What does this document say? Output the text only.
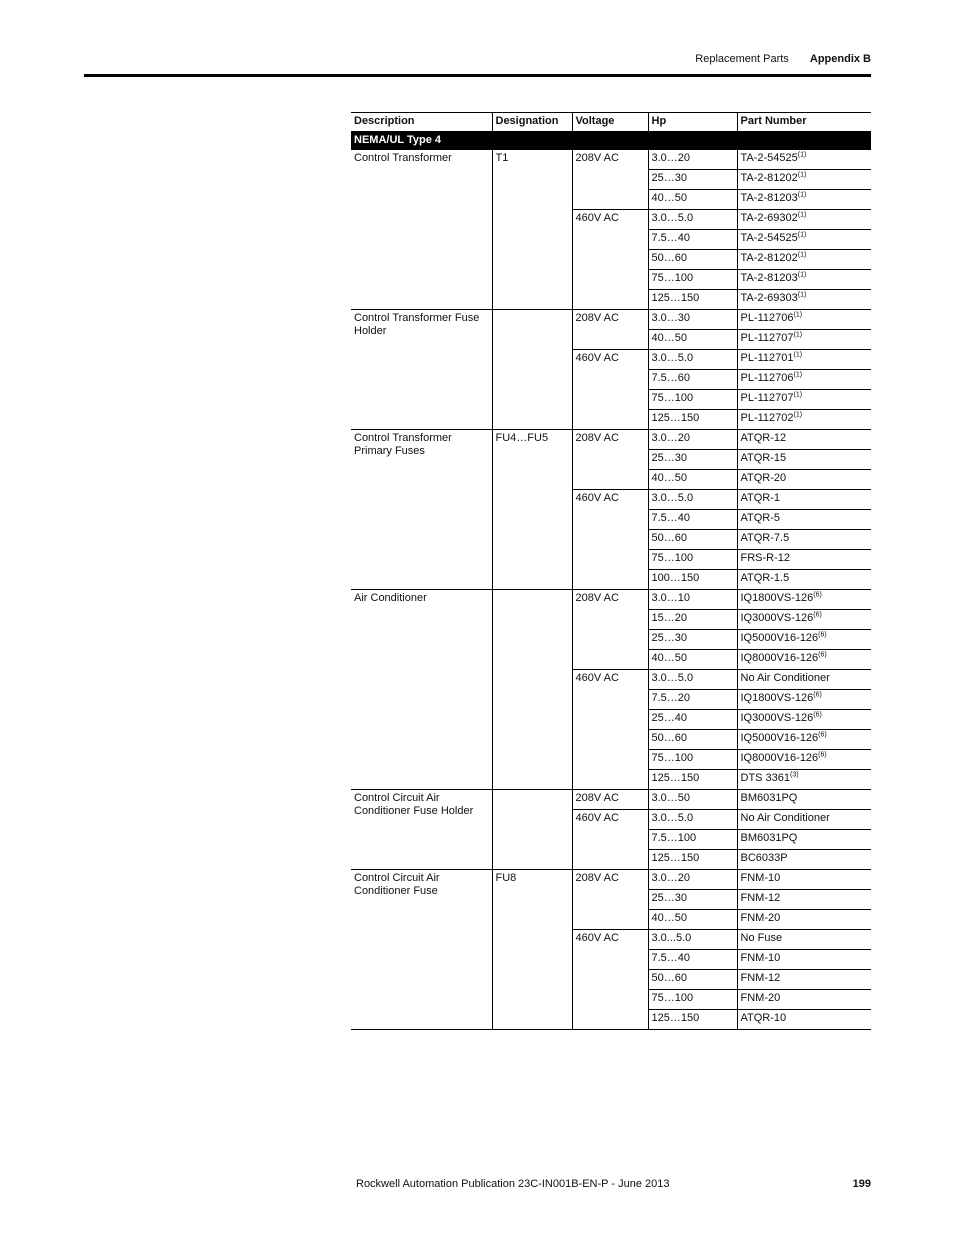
Replacement Parts Appendix B
Description	Designation	Voltage	Hp	Part Number
NEMA/UL Type 4				
Control Transformer	T1	208V AC	3.0…20	TA-2-54525$^{(1)}$
			25…30	TA-2-81202$^{(1)}$
			40…50	TA-2-81203$^{(1)}$
		460V AC	3.0…5.0	TA-2-69302$^{(1)}$
			7.5…40	TA-2-54525$^{(1)}$
			50…60	TA-2-81202$^{(1)}$
			75…100	TA-2-81203$^{(1)}$
			125…150	TA-2-69303$^{(1)}$
Control Transformer Fuse Holder		208V AC	3.0…30	PL-112706$^{(1)}$
			40…50	PL-112707$^{(1)}$
		460V AC	3.0…5.0	PL-112701$^{(1)}$
			7.5…60	PL-112706$^{(1)}$
			75…100	PL-112707$^{(1)}$
			125…150	PL-112702$^{(1)}$
Control Transformer Primary Fuses	FU4…FU5	208V AC	3.0…20	ATQR-12
			25…30	ATQR-15
			40…50	ATQR-20
		460V AC	3.0…5.0	ATQR-1
			7.5…40	ATQR-5
			50…60	ATQR-7.5
			75…100	FRS-R-12
			100…150	ATQR-1.5
Air Conditioner		208V AC	3.0…10	IQ1800VS-126$^{(6)}$
			15…20	IQ3000VS-126$^{(6)}$
			25…30	IQ5000V16-126$^{(6)}$
			40…50	IQ8000V16-126$^{(6)}$
		460V AC	3.0…5.0	No Air Conditioner
			7.5…20	IQ1800VS-126$^{(6)}$
			25…40	IQ3000VS-126$^{(6)}$
			50…60	IQ5000V16-126$^{(6)}$
			75…100	IQ8000V16-126$^{(6)}$
			125…150	DTS 3361$^{(3)}$
Control Circuit Air Conditioner Fuse Holder		208V AC	3.0…50	BM6031PQ
		460V AC	3.0…5.0	No Air Conditioner
			7.5…100	BM6031PQ
			125…150	BC6033P
Control Circuit Air Conditioner Fuse	FU8	208V AC	3.0…20	FNM-10
			25…30	FNM-12
			40…50	FNM-20
		460V AC	3.0...5.0	No Fuse
			7.5…40	FNM-10
			50…60	FNM-12
			75…100	FNM-20
			125…150	ATQR-10
Rockwell Automation Publication 23C-IN001B-EN-P - June 2013	199
